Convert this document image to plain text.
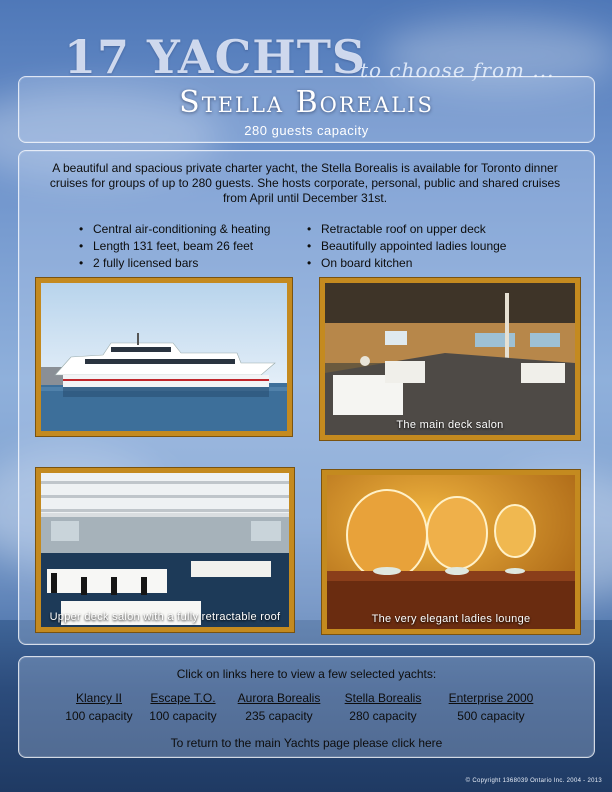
17 YACHTS
to choose from ...
Stella Borealis
280 guests capacity
A beautiful and spacious private charter yacht, the Stella Borealis is available for Toronto dinner cruises for groups of up to 280 guests. She hosts corporate, personal, public and shared cruises from April until December 31st.
• Central air-conditioning & heating
• Length 131 feet, beam 26 feet
• 2 fully licensed bars
• Retractable roof on upper deck
• Beautifully appointed ladies lounge
• On board kitchen
The main deck salon
Upper deck salon with a fully retractable roof	The very elegant ladies lounge
Click on links here to view a few selected yachts:
Klancy II
100 capacity
Escape T.O.
100 capacity
Aurora Borealis
235 capacity
Stella Borealis
280 capacity
Enterprise 2000
500 capacity
To return to the main Yachts page please click here
© Copyright 1368039 Ontario Inc. 2004 - 2013
